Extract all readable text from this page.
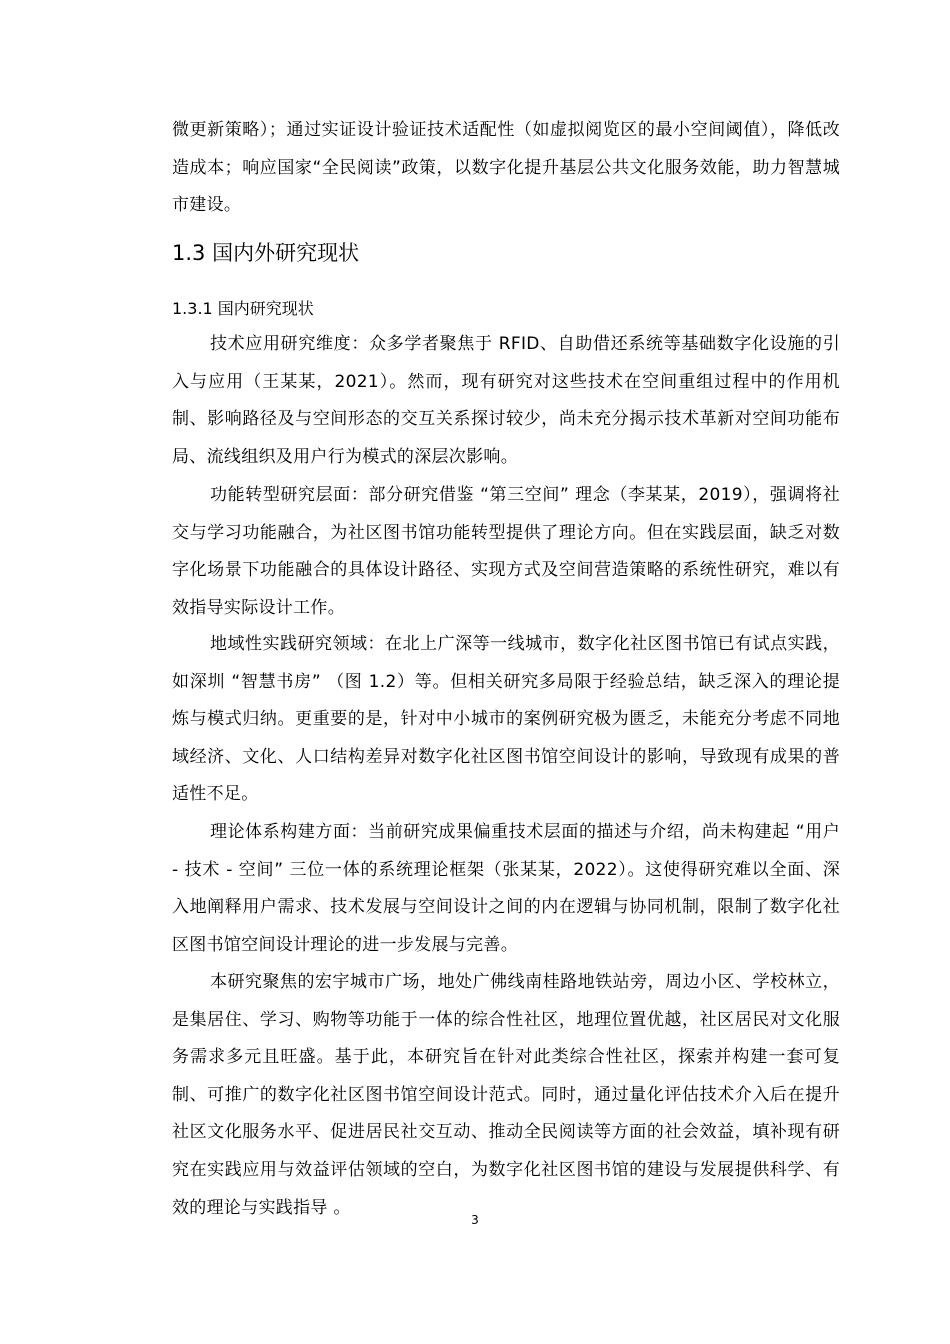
微更新策略）；通过实证设计验证技术适配性（如虚拟阅览区的最小空间阈值），降低改造成本；响应国家“全民阅读”政策，以数字化提升基层公共文化服务效能，助力智慧城市建设。

1.3 国内外研究现状
1.3.1 国内研究现状

技术应用研究维度：众多学者聚焦于 RFID、自助借还系统等基础数字化设施的引入与应用（王某某，2021）。然而，现有研究对这些技术在空间重组过程中的作用机制、影响路径及与空间形态的交互关系探讨较少，尚未充分揭示技术革新对空间功能布局、流线组织及用户行为模式的深层次影响。

功能转型研究层面：部分研究借鉴 “第三空间” 理念（李某某，2019），强调将社交与学习功能融合，为社区图书馆功能转型提供了理论方向。但在实践层面，缺乏对数字化场景下功能融合的具体设计路径、实现方式及空间营造策略的系统性研究，难以有效指导实际设计工作。

地域性实践研究领域：在北上广深等一线城市，数字化社区图书馆已有试点实践，如深圳 “智慧书房” （图 1.2）等。但相关研究多局限于经验总结，缺乏深入的理论提炼与模式归纳。更重要的是，针对中小城市的案例研究极为匮乏，未能充分考虑不同地域经济、文化、人口结构差异对数字化社区图书馆空间设计的影响，导致现有成果的普适性不足。

理论体系构建方面：当前研究成果偏重技术层面的描述与介绍，尚未构建起 “用户 - 技术 - 空间” 三位一体的系统理论框架（张某某，2022）。这使得研究难以全面、深入地阐释用户需求、技术发展与空间设计之间的内在逻辑与协同机制，限制了数字化社区图书馆空间设计理论的进一步发展与完善。

本研究聚焦的宏宇城市广场，地处广佛线南桂路地铁站旁，周边小区、学校林立，是集居住、学习、购物等功能于一体的综合性社区，地理位置优越，社区居民对文化服务需求多元且旺盛。基于此，本研究旨在针对此类综合性社区，探索并构建一套可复制、可推广的数字化社区图书馆空间设计范式。同时，通过量化评估技术介入后在提升社区文化服务水平、促进居民社交互动、推动全民阅读等方面的社会效益，填补现有研究在实践应用与效益评估领域的空白，为数字化社区图书馆的建设与发展提供科学、有效的理论与实践指导 。

3
